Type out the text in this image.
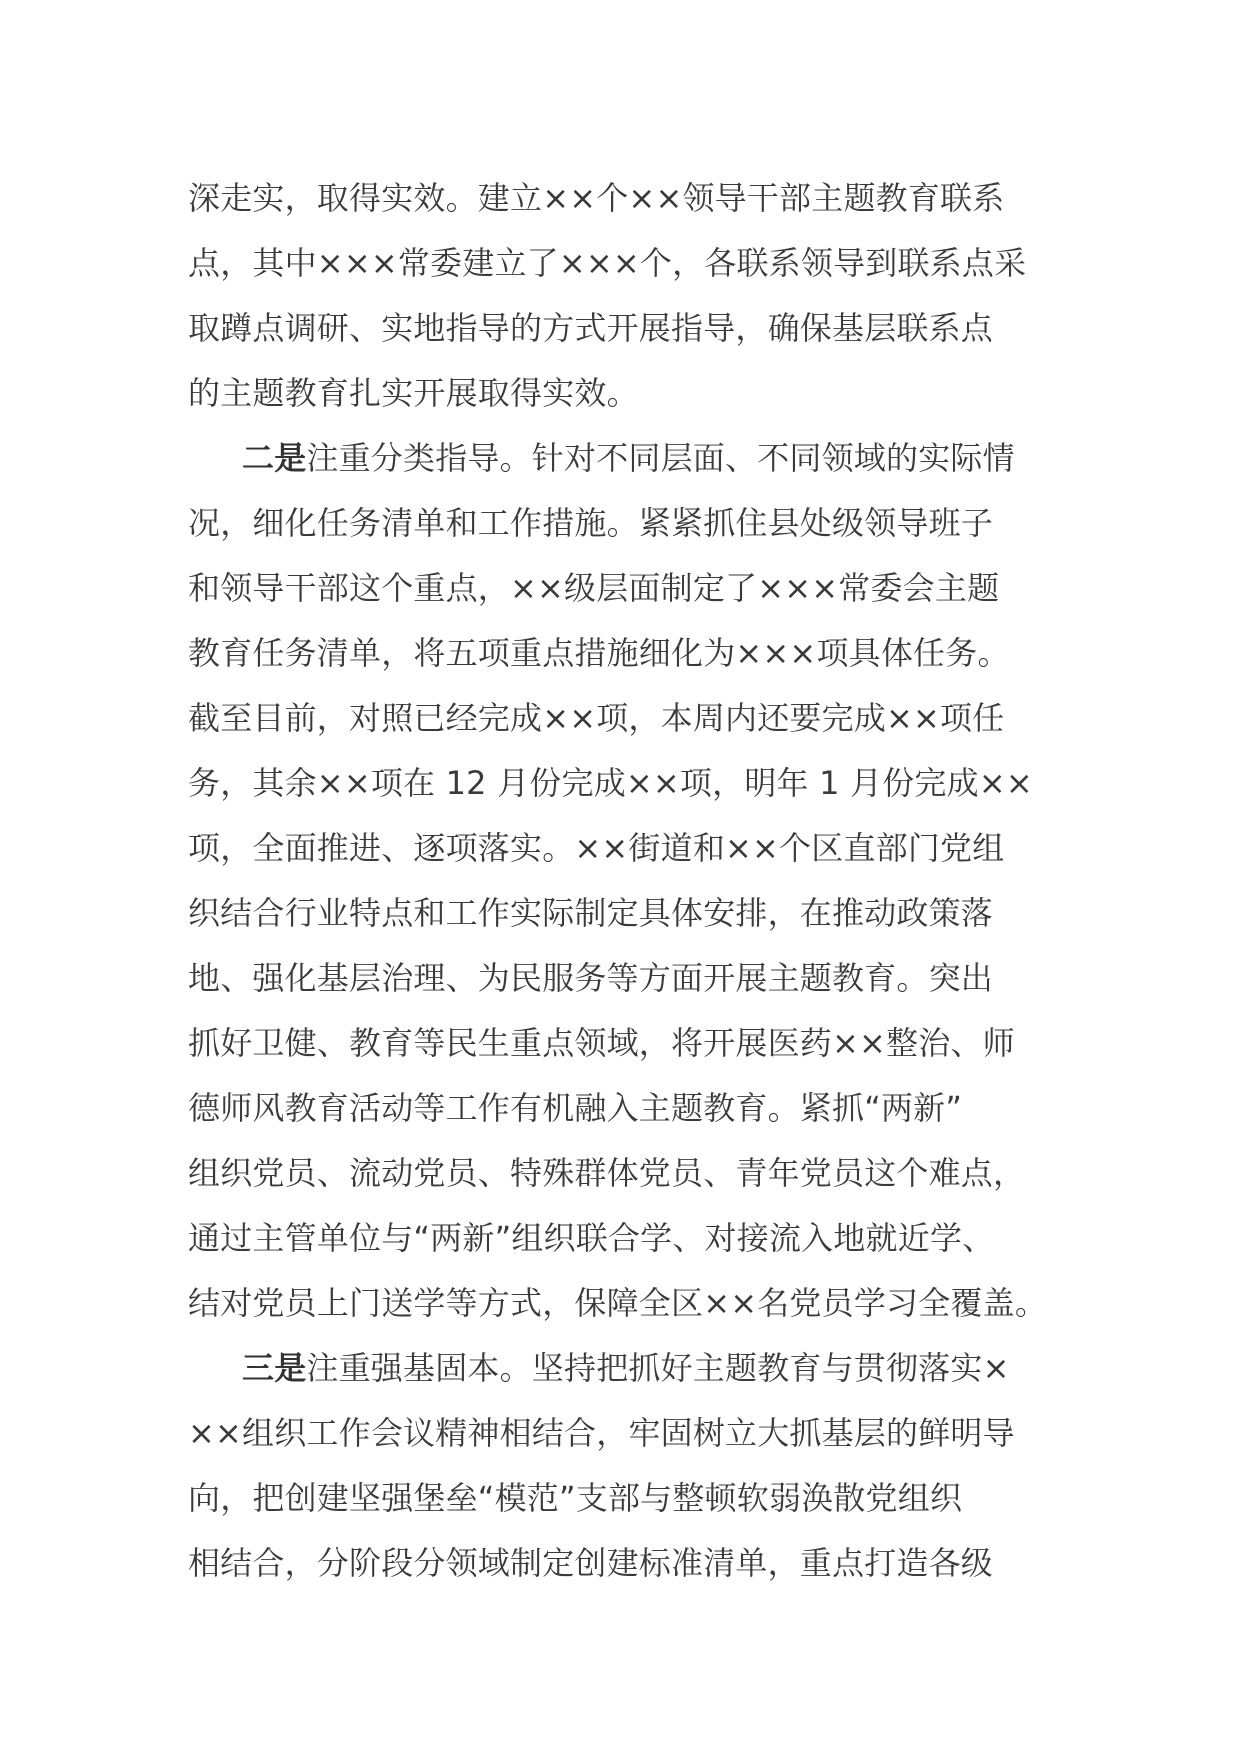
深走实，取得实效。建立××个××领导干部主题教育联系
点，其中×××常委建立了×××个，各联系领导到联系点采
取蹲点调研、实地指导的方式开展指导，确保基层联系点
的主题教育扎实开展取得实效。
二是注重分类指导。针对不同层面、不同领域的实际情
况，细化任务清单和工作措施。紧紧抓住县处级领导班子
和领导干部这个重点，××级层面制定了×××常委会主题
教育任务清单，将五项重点措施细化为×××项具体任务。
截至目前，对照已经完成××项，本周内还要完成××项任
务，其余××项在 12 月份完成××项，明年 1 月份完成××
项，全面推进、逐项落实。××街道和××个区直部门党组
织结合行业特点和工作实际制定具体安排，在推动政策落
地、强化基层治理、为民服务等方面开展主题教育。突出
抓好卫健、教育等民生重点领域，将开展医药××整治、师
德师风教育活动等工作有机融入主题教育。紧抓“两新”
组织党员、流动党员、特殊群体党员、青年党员这个难点，
通过主管单位与“两新”组织联合学、对接流入地就近学、
结对党员上门送学等方式，保障全区××名党员学习全覆盖。
三是注重强基固本。坚持把抓好主题教育与贯彻落实×
××组织工作会议精神相结合，牢固树立大抓基层的鲜明导
向，把创建坚强堡垒“模范”支部与整顿软弱涣散党组织
相结合，分阶段分领域制定创建标准清单，重点打造各级
